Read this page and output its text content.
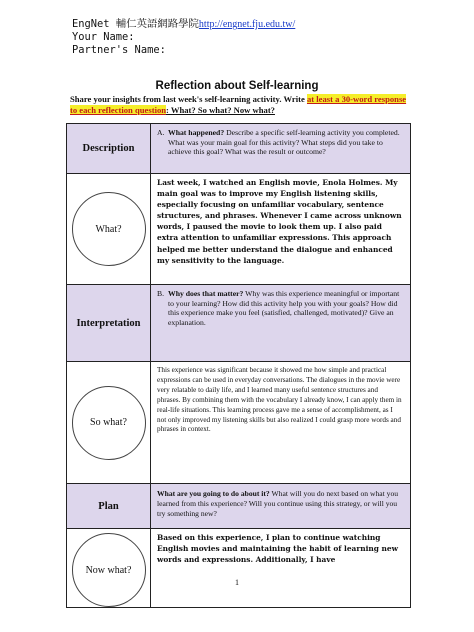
EngNet 輔仁英語網路學院http://engnet.fju.edu.tw/
Your Name:
Partner's Name:
Reflection about Self-learning
Share your insights from last week's self-learning activity. Write at least a 30-word response to each reflection question: What? So what? Now what?
Description	A. What happened? Describe a specific self-learning activity you completed. What was your main goal for this activity? What steps did you take to achieve this goal? What was the result or outcome?

What?	Last week, I watched an English movie, Enola Holmes. My main goal was to improve my English listening skills, especially focusing on unfamiliar vocabulary, sentence structures, and phrases. Whenever I came across unknown words, I paused the movie to look them up. I also paid extra attention to unfamiliar expressions. This approach helped me better understand the dialogue and enhanced my sensitivity to the language.

Interpretation	B. Why does that matter? Why was this experience meaningful or important to your learning? How did this activity help you with your goals? How did this experience make you feel (satisfied, challenged, motivated)? Give an explanation.

So what?	This experience was significant because it showed me how simple and practical expressions can be used in everyday conversations. The dialogues in the movie were very relatable to daily life, and I learned many useful sentence structures and phrases. By combining them with the vocabulary I already know, I can apply them in real-life situations. This learning process gave me a sense of accomplishment, as I not only improved my listening skills but also realized I could grasp more words and phrases in context.

Plan	What are you going to do about it? What will you do next based on what you learned from this experience? Will you continue using this strategy, or will you try something new?

Now what?	Based on this experience, I plan to continue watching English movies and maintaining the habit of learning new words and expressions. Additionally, I have
1
